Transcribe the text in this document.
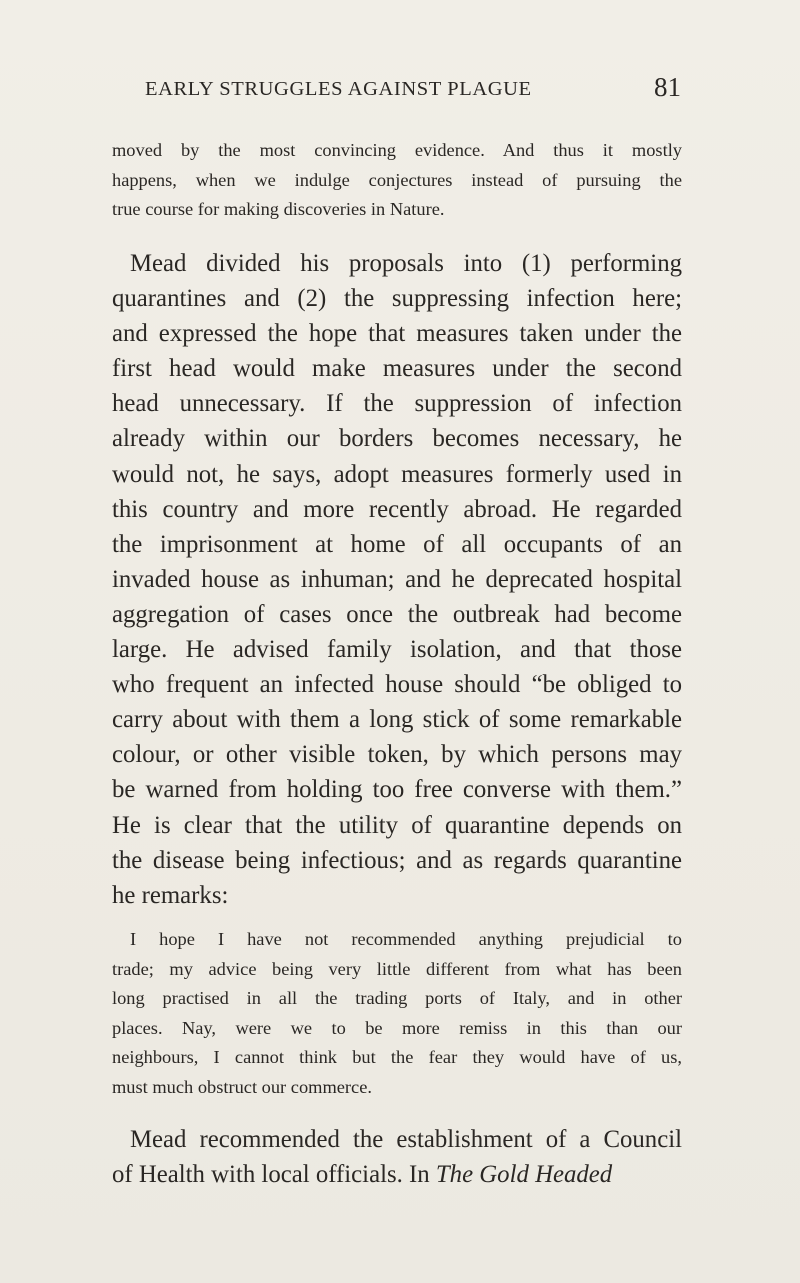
EARLY STRUGGLES AGAINST PLAGUE	81

moved by the most convincing evidence. And thus it mostly
happens, when we indulge conjectures instead of pursuing the
true course for making discoveries in Nature.

Mead divided his proposals into (1) performing
quarantines and (2) the suppressing infection here;
and expressed the hope that measures taken under the
first head would make measures under the second
head unnecessary. If the suppression of infection
already within our borders becomes necessary, he
would not, he says, adopt measures formerly used in
this country and more recently abroad. He regarded
the imprisonment at home of all occupants of an
invaded house as inhuman; and he deprecated hospital
aggregation of cases once the outbreak had become
large. He advised family isolation, and that those
who frequent an infected house should “be obliged to
carry about with them a long stick of some remarkable
colour, or other visible token, by which persons may
be warned from holding too free converse with them.”
He is clear that the utility of quarantine depends on
the disease being infectious; and as regards quarantine
he remarks:

I hope I have not recommended anything prejudicial to
trade; my advice being very little different from what has been
long practised in all the trading ports of Italy, and in other
places. Nay, were we to be more remiss in this than our
neighbours, I cannot think but the fear they would have of us,
must much obstruct our commerce.

Mead recommended the establishment of a Council
of Health with local officials. In The Gold Headed
